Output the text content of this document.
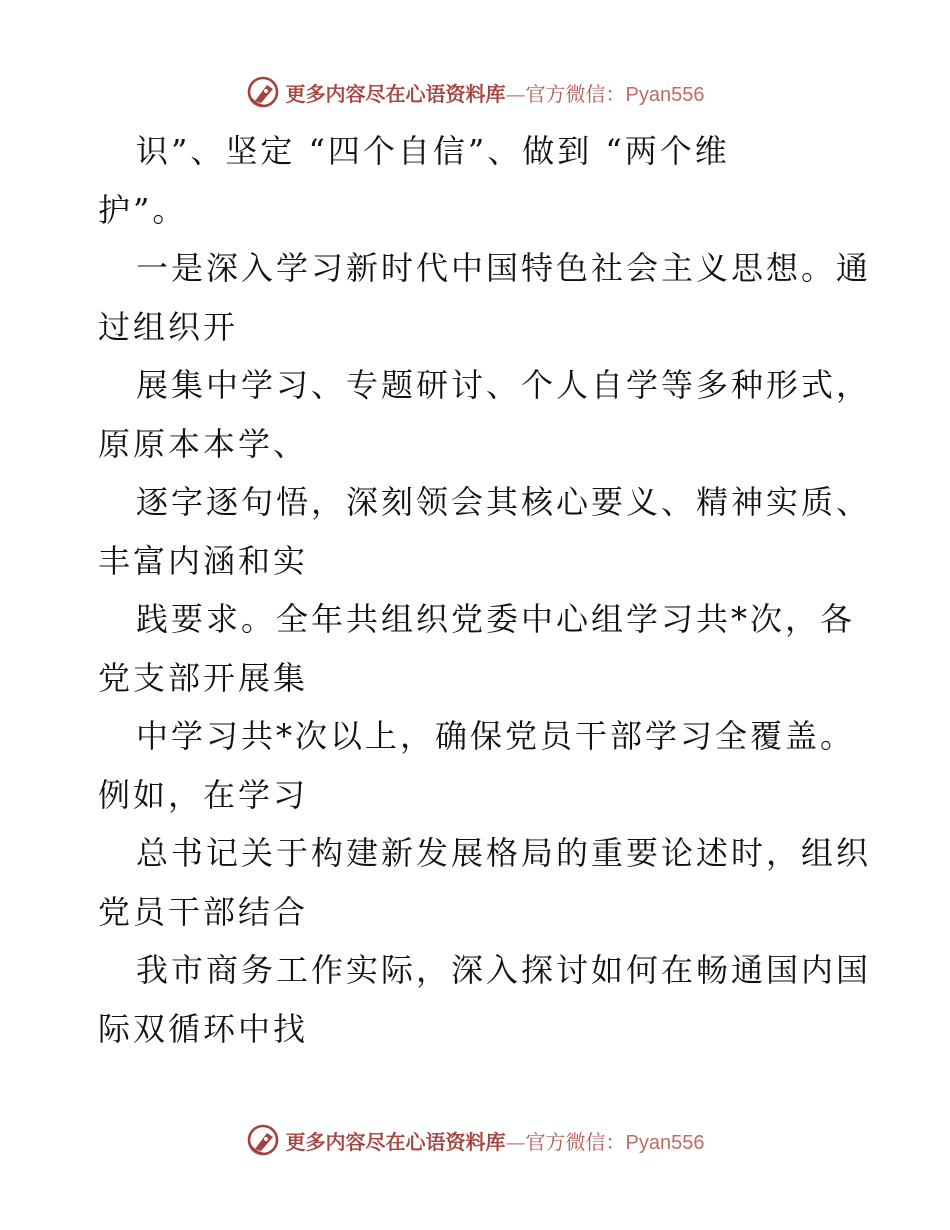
更多内容尽在心语资料库 — 官方微信： Pyan556
识”、坚定 “四个自信”、做到 “两个维
护”。
一是深入学习新时代中国特色社会主义思想。通
过组织开
展集中学习、专题研讨、个人自学等多种形式，
原原本本学、
逐字逐句悟，深刻领会其核心要义、精神实质、
丰富内涵和实
践要求。全年共组织党委中心组学习共*次，各
党支部开展集
中学习共*次以上，确保党员干部学习全覆盖。
例如，在学习
总书记关于构建新发展格局的重要论述时，组织
党员干部结合
我市商务工作实际，深入探讨如何在畅通国内国
际双循环中找
更多内容尽在心语资料库 — 官方微信： Pyan556
